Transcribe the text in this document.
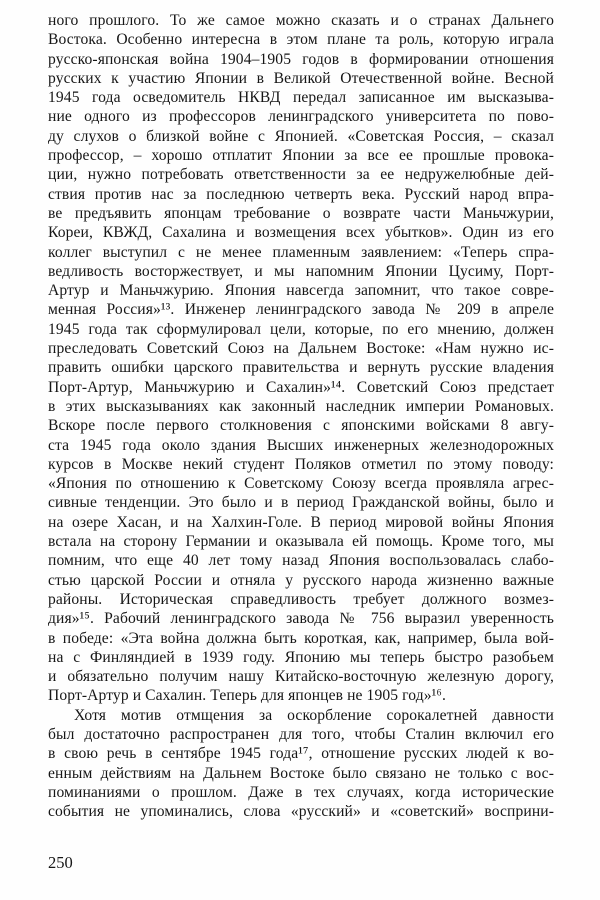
ного прошлого. То же самое можно сказать и о странах Дальнего
Востока. Особенно интересна в этом плане та роль, которую играла
русско-японская война 1904–1905 годов в формировании отношения
русских к участию Японии в Великой Отечественной войне. Весной
1945 года осведомитель НКВД передал записанное им высказыва-
ние одного из профессоров ленинградского университета по пово-
ду слухов о близкой войне с Японией. «Советская Россия, – сказал
профессор, – хорошо отплатит Японии за все ее прошлые провока-
ции, нужно потребовать ответственности за ее недружелюбные дей-
ствия против нас за последнюю четверть века. Русский народ впра-
ве предъявить японцам требование о возврате части Маньчжурии,
Кореи, КВЖД, Сахалина и возмещения всех убытков». Один из его
коллег выступил с не менее пламенным заявлением: «Теперь спра-
ведливость восторжествует, и мы напомним Японии Цусиму, Порт-
Артур и Маньчжурию. Япония навсегда запомнит, что такое совре-
менная Россия»¹³. Инженер ленинградского завода № 209 в апреле
1945 года так сформулировал цели, которые, по его мнению, должен
преследовать Советский Союз на Дальнем Востоке: «Нам нужно ис-
править ошибки царского правительства и вернуть русские владения
Порт-Артур, Маньчжурию и Сахалин»¹⁴. Советский Союз предстает
в этих высказываниях как законный наследник империи Романовых.
Вскоре после первого столкновения с японскими войсками 8 авгу-
ста 1945 года около здания Высших инженерных железнодорожных
курсов в Москве некий студент Поляков отметил по этому поводу:
«Япония по отношению к Советскому Союзу всегда проявляла агрес-
сивные тенденции. Это было и в период Гражданской войны, было и
на озере Хасан, и на Халхин-Голе. В период мировой войны Япония
встала на сторону Германии и оказывала ей помощь. Кроме того, мы
помним, что еще 40 лет тому назад Япония воспользовалась слабо-
стью царской России и отняла у русского народа жизненно важные
районы. Историческая справедливость требует должного возмез-
дия»¹⁵. Рабочий ленинградского завода № 756 выразил уверенность
в победе: «Эта война должна быть короткая, как, например, была вой-
на с Финляндией в 1939 году. Японию мы теперь быстро разобьем
и обязательно получим нашу Китайско-восточную железную дорогу,
Порт-Артур и Сахалин. Теперь для японцев не 1905 год»¹⁶.
Хотя мотив отмщения за оскорбление сорокалетней давности
был достаточно распространен для того, чтобы Сталин включил его
в свою речь в сентябре 1945 года¹⁷, отношение русских людей к во-
енным действиям на Дальнем Востоке было связано не только с вос-
поминаниями о прошлом. Даже в тех случаях, когда исторические
события не упоминались, слова «русский» и «советский» восприни-
250
